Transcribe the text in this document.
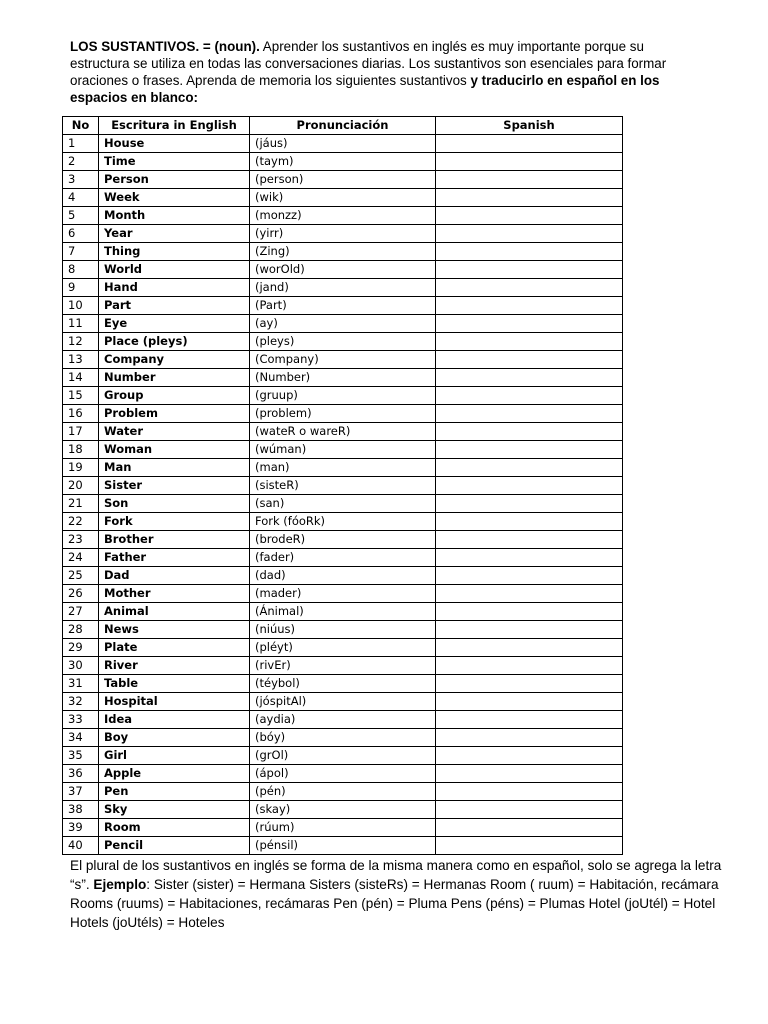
LOS SUSTANTIVOS. = (noun). Aprender los sustantivos en inglés es muy importante porque su estructura se utiliza en todas las conversaciones diarias. Los sustantivos son esenciales para formar oraciones o frases. Aprenda de memoria los siguientes sustantivos y traducirlo en español en los espacios en blanco:
No	Escritura in English	Pronunciación	Spanish
1	House	(jáus)	
2	Time	(taym)	
3	Person	(person)	
4	Week	(wik)	
5	Month	(monzz)	
6	Year	(yirr)	
7	Thing	(Zing)	
8	World	(worOld)	
9	Hand	(jand)	
10	Part	(Part)	
11	Eye	(ay)	
12	Place (pleys)	(pleys)	
13	Company	(Company)	
14	Number	(Number)	
15	Group	(gruup)	
16	Problem	(problem)	
17	Water	(wateR o wareR)	
18	Woman	(wúman)	
19	Man	(man)	
20	Sister	(sisteR)	
21	Son	(san)	
22	Fork	Fork (fóoRk)	
23	Brother	(brodeR)	
24	Father	(fader)	
25	Dad	(dad)	
26	Mother	(mader)	
27	Animal	(Ánimal)	
28	News	(niúus)	
29	Plate	(pléyt)	
30	River	(rivEr)	
31	Table	(téybol)	
32	Hospital	(jóspitAl)	
33	Idea	(aydia)	
34	Boy	(bóy)	
35	Girl	(grOl)	
36	Apple	(ápol)	
37	Pen	(pén)	
38	Sky	(skay)	
39	Room	(rúum)	
40	Pencil	(pénsil)	
El plural de los sustantivos en inglés se forma de la misma manera como en español, solo se agrega la letra “s”. Ejemplo: Sister (sister) = Hermana Sisters (sisteRs) = Hermanas Room ( ruum) = Habitación, recámara Rooms (ruums) = Habitaciones, recámaras Pen (pén) = Pluma Pens (péns) = Plumas Hotel (joUtél) = Hotel Hotels (joUtéls) = Hoteles
